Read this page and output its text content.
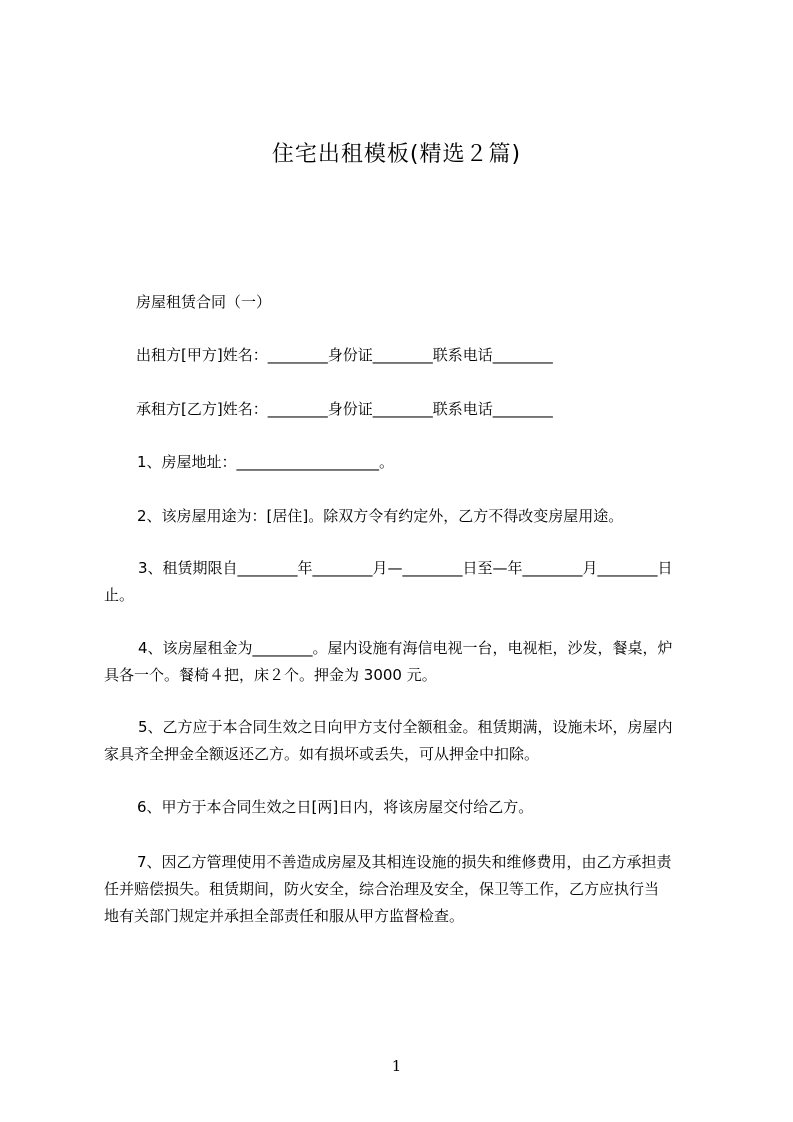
住宅出租模板(精选２篇)
房屋租赁合同（一）
出租方[甲方]姓名：________身份证________联系电话________
承租方[乙方]姓名：________身份证________联系电话________
1、房屋地址：___________________。
2、该房屋用途为：[居住]。除双方令有约定外，乙方不得改变房屋用途。
3、租赁期限自________年________月—________日至—年________月________日
止。
4、该房屋租金为________。屋内设施有海信电视一台，电视柜，沙发，餐桌，炉
具各一个。餐椅４把，床２个。押金为 3000 元。
5、乙方应于本合同生效之日向甲方支付全额租金。租赁期满，设施未坏，房屋内
家具齐全押金全额返还乙方。如有损坏或丢失，可从押金中扣除。
6、甲方于本合同生效之日[两]日内，将该房屋交付给乙方。
7、因乙方管理使用不善造成房屋及其相连设施的损失和维修费用，由乙方承担责
任并赔偿损失。租赁期间，防火安全，综合治理及安全，保卫等工作，乙方应执行当
地有关部门规定并承担全部责任和服从甲方监督检查。
1
